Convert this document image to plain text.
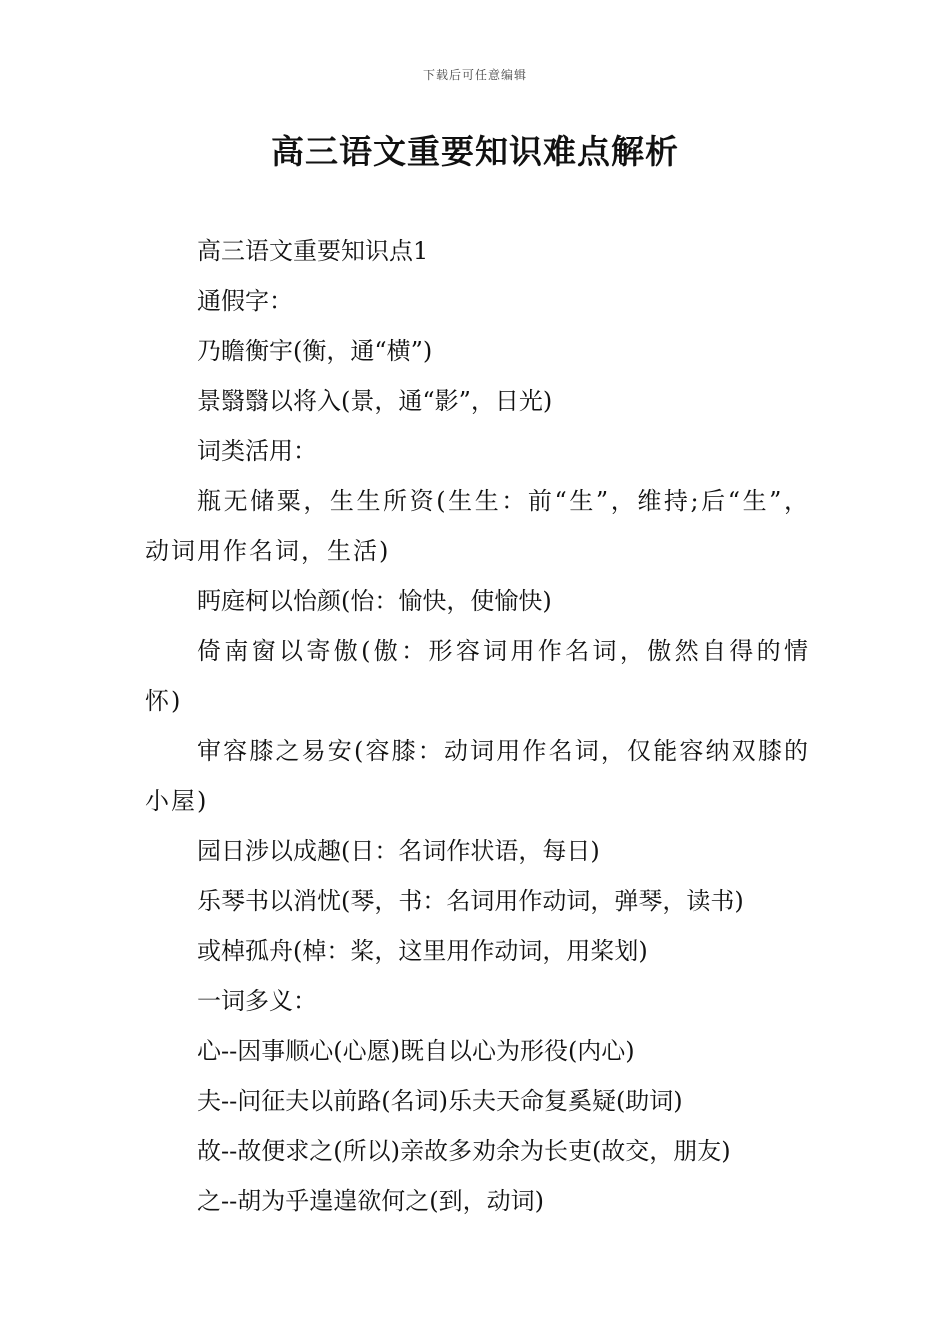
下载后可任意编辑
高三语文重要知识难点解析

高三语文重要知识点1

通假字：

乃瞻衡宇(衡，通“横”)

景翳翳以将入(景，通“影”，日光)

词类活用：

瓶无储粟，生生所资(生生：前“生”，维持;后“生”，动词用作名词，生活)

眄庭柯以怡颜(怡：愉快，使愉快)

倚南窗以寄傲(傲：形容词用作名词，傲然自得的情怀)

审容膝之易安(容膝：动词用作名词，仅能容纳双膝的小屋)

园日涉以成趣(日：名词作状语，每日)

乐琴书以消忧(琴，书：名词用作动词，弹琴，读书)

或棹孤舟(棹：桨，这里用作动词，用桨划)

一词多义：

心--因事顺心(心愿)既自以心为形役(内心)

夫--问征夫以前路(名词)乐夫天命复奚疑(助词)

故--故便求之(所以)亲故多劝余为长吏(故交，朋友)

之--胡为乎遑遑欲何之(到，动词)
